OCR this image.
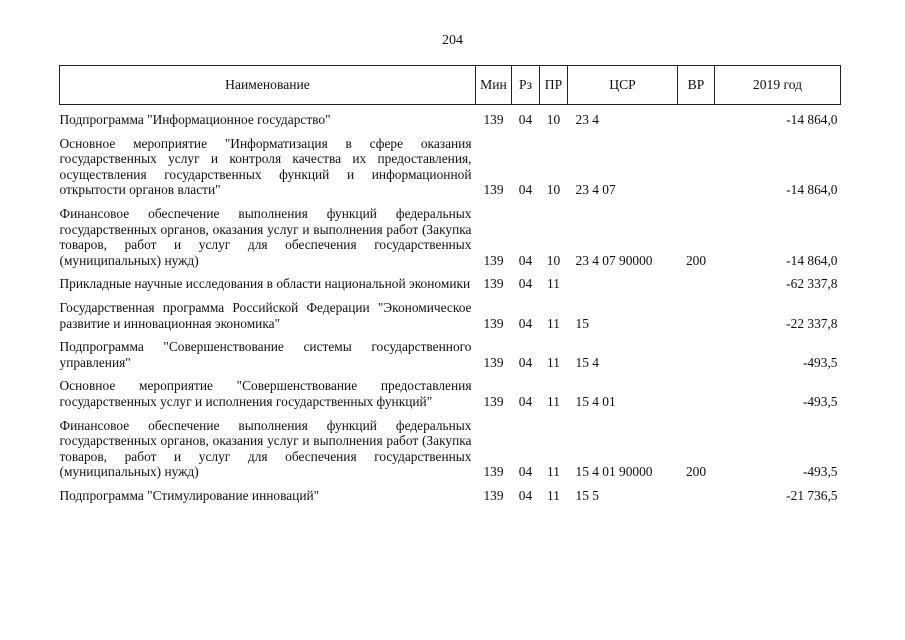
204
Наименование	Мин	Рз	ПР	ЦСР	ВР	2019 год
Подпрограмма "Информационное государство"	139	04	10	23 4		-14 864,0
Основное мероприятие "Информатизация в сфере оказания государственных услуг и контроля качества их предоставления, осуществления государственных функций и информационной открытости органов власти"	139	04	10	23 4 07		-14 864,0
Финансовое обеспечение выполнения функций федеральных государственных органов, оказания услуг и выполнения работ (Закупка товаров, работ и услуг для обеспечения государственных (муниципальных) нужд)	139	04	10	23 4 07 90000	200	-14 864,0
Прикладные научные исследования в области национальной экономики	139	04	11			-62 337,8
Государственная программа Российской Федерации "Экономическое развитие и инновационная экономика"	139	04	11	15		-22 337,8
Подпрограмма "Совершенствование системы государственного управления"	139	04	11	15 4		-493,5
Основное мероприятие "Совершенствование предоставления государственных услуг и исполнения государственных функций"	139	04	11	15 4 01		-493,5
Финансовое обеспечение выполнения функций федеральных государственных органов, оказания услуг и выполнения работ (Закупка товаров, работ и услуг для обеспечения государственных (муниципальных) нужд)	139	04	11	15 4 01 90000	200	-493,5
Подпрограмма "Стимулирование инноваций"	139	04	11	15 5		-21 736,5
